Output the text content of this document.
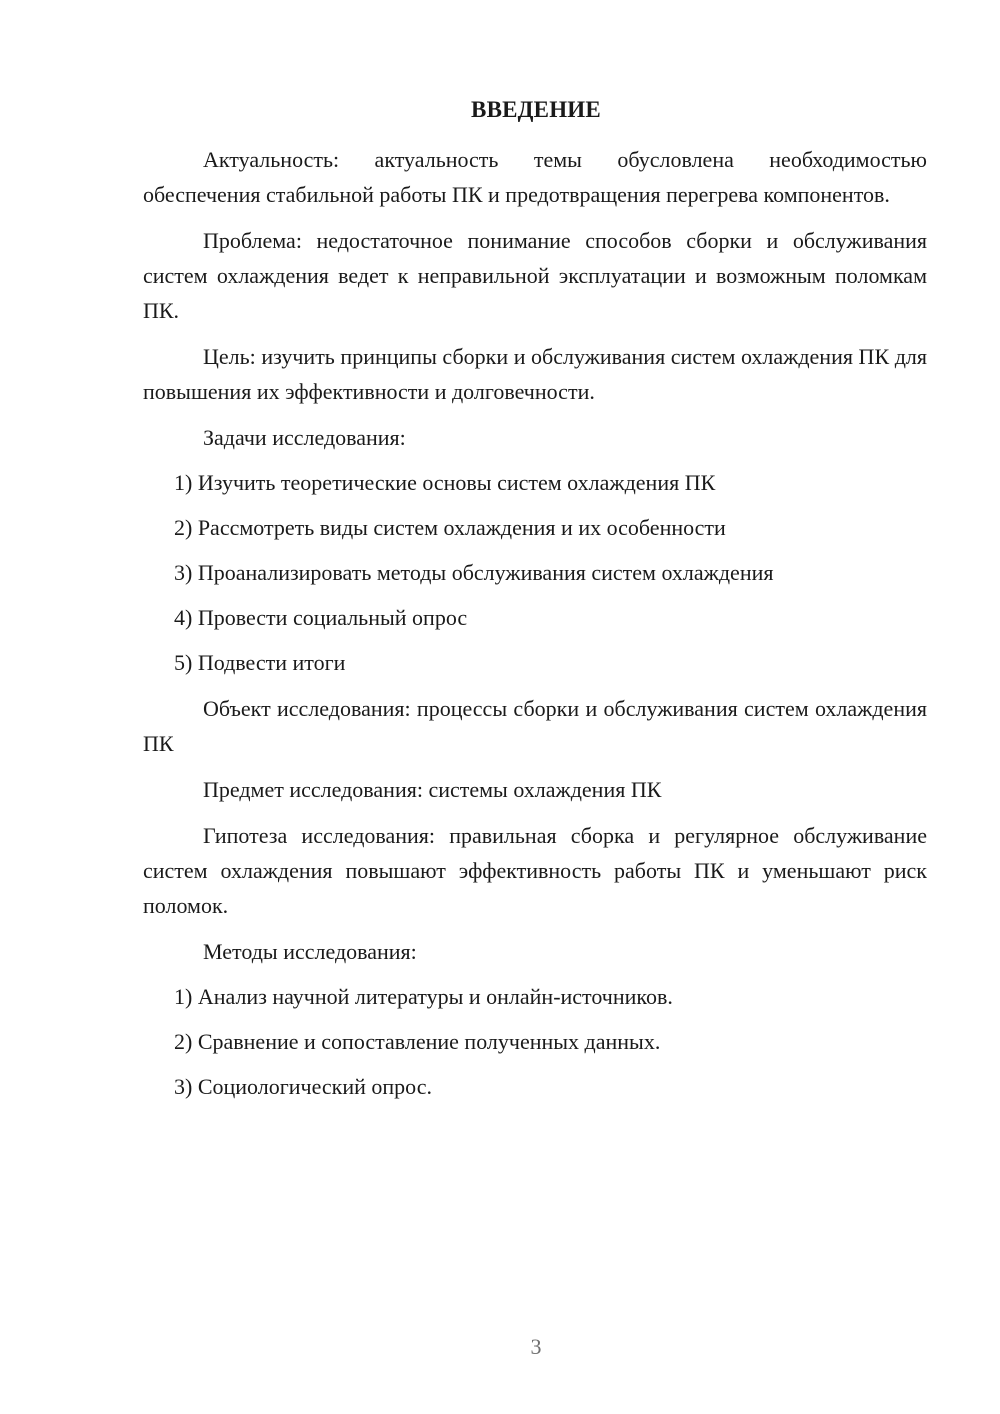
ВВЕДЕНИЕ

Актуальность: актуальность темы обусловлена необходимостью обеспечения стабильной работы ПК и предотвращения перегрева компонентов.

Проблема: недостаточное понимание способов сборки и обслуживания систем охлаждения ведет к неправильной эксплуатации и возможным поломкам ПК.

Цель: изучить принципы сборки и обслуживания систем охлаждения ПК для повышения их эффективности и долговечности.

Задачи исследования:

1) Изучить теоретические основы систем охлаждения ПК
2) Рассмотреть виды систем охлаждения и их особенности
3) Проанализировать методы обслуживания систем охлаждения
4) Провести социальный опрос
5) Подвести итоги

Объект исследования: процессы сборки и обслуживания систем охлаждения ПК

Предмет исследования: системы охлаждения ПК

Гипотеза исследования: правильная сборка и регулярное обслуживание систем охлаждения повышают эффективность работы ПК и уменьшают риск поломок.

Методы исследования:

1) Анализ научной литературы и онлайн-источников.
2) Сравнение и сопоставление полученных данных.
3) Социологический опрос.
3
